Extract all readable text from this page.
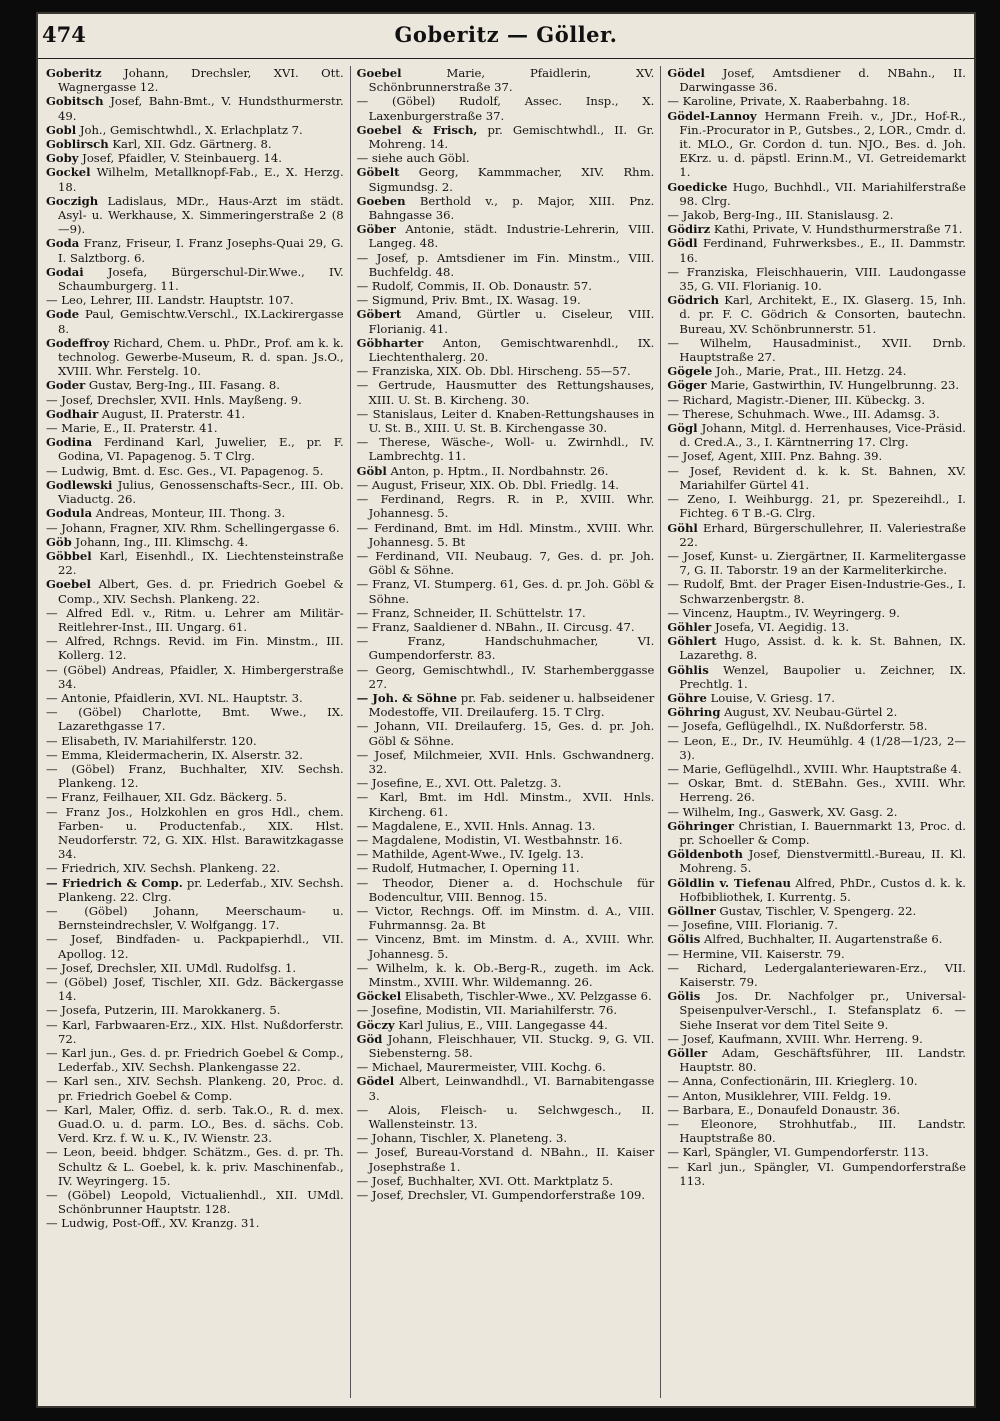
474	Goberitz — Göller.

Goberitz Johann, Drechsler, XVI. Ott. Wagnergasse 12.

Gobitsch Josef, Bahn-Bmt., V. Hundsthurmerstr. 49.

Gobl Joh., Gemischtwhdl., X. Erlachplatz 7.

Goblirsch Karl, XII. Gdz. Gärtnerg. 8.

Goby Josef, Pfaidler, V. Steinbauerg. 14.

Gockel Wilhelm, Metallknopf-Fab., E., X. Herzg. 18.

Goczigh Ladislaus, MDr., Haus-Arzt im städt. Asyl- u. Werkhause, X. Simmeringerstraße 2 (8—9).

Goda Franz, Friseur, I. Franz Josephs-Quai 29, G. I. Salztborg. 6.

Godai Josefa, Bürgerschul-Dir.Wwe., IV. Schaumburgerg. 11.

— Leo, Lehrer, III. Landstr. Hauptstr. 107.

Gode Paul, Gemischtw.Verschl., IX.Lackirergasse 8.

Godeffroy Richard, Chem. u. PhDr., Prof. am k. k. technolog. Gewerbe-Museum, R. d. span. Js.O., XVIII. Whr. Ferstelg. 10.

Goder Gustav, Berg-Ing., III. Fasang. 8.

— Josef, Drechsler, XVII. Hnls. Mayßeng. 9.

Godhair August, II. Praterstr. 41.

— Marie, E., II. Praterstr. 41.

Godina Ferdinand Karl, Juwelier, E., pr. F. Godina, VI. Papagenog. 5. T Clrg.

— Ludwig, Bmt. d. Esc. Ges., VI. Papagenog. 5.

Godlewski Julius, Genossenschafts-Secr., III. Ob. Viaductg. 26.

Godula Andreas, Monteur, III. Thong. 3.

— Johann, Fragner, XIV. Rhm. Schellingergasse 6.

Göb Johann, Ing., III. Klimschg. 4.

Göbbel Karl, Eisenhdl., IX. Liechtensteinstraße 22.

Goebel Albert, Ges. d. pr. Friedrich Goebel & Comp., XIV. Sechsh. Plankeng. 22.

— Alfred Edl. v., Ritm. u. Lehrer am Militär-Reitlehrer-Inst., III. Ungarg. 61.

— Alfred, Rchngs. Revid. im Fin. Minstm., III. Kollerg. 12.

— (Göbel) Andreas, Pfaidler, X. Himbergerstraße 34.

— Antonie, Pfaidlerin, XVI. NL. Hauptstr. 3.

— (Göbel) Charlotte, Bmt. Wwe., IX. Lazarethgasse 17.

— Elisabeth, IV. Mariahilferstr. 120.

— Emma, Kleidermacherin, IX. Alserstr. 32.

— (Göbel) Franz, Buchhalter, XIV. Sechsh. Plankeng. 12.

— Franz, Feilhauer, XII. Gdz. Bäckerg. 5.

— Franz Jos., Holzkohlen en gros Hdl., chem. Farben- u. Productenfab., XIX. Hlst. Neudorferstr. 72, G. XIX. Hlst. Barawitzkagasse 34.

— Friedrich, XIV. Sechsh. Plankeng. 22.

— Friedrich & Comp. pr. Lederfab., XIV. Sechsh. Plankeng. 22. Clrg.

— (Göbel) Johann, Meerschaum- u. Bernsteindrechsler, V. Wolfgangg. 17.

— Josef, Bindfaden- u. Packpapierhdl., VII. Apollog. 12.

— Josef, Drechsler, XII. UMdl. Rudolfsg. 1.

— (Göbel) Josef, Tischler, XII. Gdz. Bäckergasse 14.

— Josefa, Putzerin, III. Marokkanerg. 5.

— Karl, Farbwaaren-Erz., XIX. Hlst. Nußdorferstr. 72.

— Karl jun., Ges. d. pr. Friedrich Goebel & Comp., Lederfab., XIV. Sechsh. Plankengasse 22.

— Karl sen., XIV. Sechsh. Plankeng. 20, Proc. d. pr. Friedrich Goebel & Comp.

— Karl, Maler, Offiz. d. serb. Tak.O., R. d. mex. Guad.O. u. d. parm. LO., Bes. d. sächs. Cob. Verd. Krz. f. W. u. K., IV. Wienstr. 23.

— Leon, beeid. bhdger. Schätzm., Ges. d. pr. Th. Schultz & L. Goebel, k. k. priv. Maschinenfab., IV. Weyringerg. 15.

— (Göbel) Leopold, Victualienhdl., XII. UMdl. Schönbrunner Hauptstr. 128.

— Ludwig, Post-Off., XV. Kranzg. 31.

Goebel Marie, Pfaidlerin, XV. Schönbrunnerstraße 37.

— (Göbel) Rudolf, Assec. Insp., X. Laxenburgerstraße 37.

Goebel & Frisch, pr. Gemischtwhdl., II. Gr. Mohreng. 14.

— siehe auch Göbl.

Göbelt Georg, Kammmacher, XIV. Rhm. Sigmundsg. 2.

Goeben Berthold v., p. Major, XIII. Pnz. Bahngasse 36.

Göber Antonie, städt. Industrie-Lehrerin, VIII. Langeg. 48.

— Josef, p. Amtsdiener im Fin. Minstm., VIII. Buchfeldg. 48.

— Rudolf, Commis, II. Ob. Donaustr. 57.

— Sigmund, Priv. Bmt., IX. Wasag. 19.

Göbert Amand, Gürtler u. Ciseleur, VIII. Florianig. 41.

Göbharter Anton, Gemischtwarenhdl., IX. Liechtenthalerg. 20.

— Franziska, XIX. Ob. Dbl. Hirscheng. 55—57.

— Gertrude, Hausmutter des Rettungshauses, XIII. U. St. B. Kircheng. 30.

— Stanislaus, Leiter d. Knaben-Rettungshauses in U. St. B., XIII. U. St. B. Kirchengasse 30.

— Therese, Wäsche-, Woll- u. Zwirnhdl., IV. Lambrechtg. 11.

Göbl Anton, p. Hptm., II. Nordbahnstr. 26.

— August, Friseur, XIX. Ob. Dbl. Friedlg. 14.

— Ferdinand, Regrs. R. in P., XVIII. Whr. Johannesg. 5.

— Ferdinand, Bmt. im Hdl. Minstm., XVIII. Whr. Johannesg. 5. Bt

— Ferdinand, VII. Neubaug. 7, Ges. d. pr. Joh. Göbl & Söhne.

— Franz, VI. Stumperg. 61, Ges. d. pr. Joh. Göbl & Söhne.

— Franz, Schneider, II. Schüttelstr. 17.

— Franz, Saaldiener d. NBahn., II. Circusg. 47.

— Franz, Handschuhmacher, VI. Gumpendorferstr. 83.

— Georg, Gemischtwhdl., IV. Starhemberggasse 27.

— Joh. & Söhne pr. Fab. seidener u. halbseidener Modestoffe, VII. Dreilauferg. 15. T Clrg.

— Johann, VII. Dreilauferg. 15, Ges. d. pr. Joh. Göbl & Söhne.

— Josef, Milchmeier, XVII. Hnls. Gschwandnerg. 32.

— Josefine, E., XVI. Ott. Paletzg. 3.

— Karl, Bmt. im Hdl. Minstm., XVII. Hnls. Kircheng. 61.

— Magdalene, E., XVII. Hnls. Annag. 13.

— Magdalene, Modistin, VI. Westbahnstr. 16.

— Mathilde, Agent-Wwe., IV. Igelg. 13.

— Rudolf, Hutmacher, I. Operning 11.

— Theodor, Diener a. d. Hochschule für Bodencultur, VIII. Bennog. 15.

— Victor, Rechngs. Off. im Minstm. d. A., VIII. Fuhrmannsg. 2a. Bt

— Vincenz, Bmt. im Minstm. d. A., XVIII. Whr. Johannesg. 5.

— Wilhelm, k. k. Ob.-Berg-R., zugeth. im Ack. Minstm., XVIII. Whr. Wildemanng. 26.

Göckel Elisabeth, Tischler-Wwe., XV. Pelzgasse 6.

— Josefine, Modistin, VII. Mariahilferstr. 76.

Göczy Karl Julius, E., VIII. Langegasse 44.

Göd Johann, Fleischhauer, VII. Stuckg. 9, G. VII. Siebensterng. 58.

— Michael, Maurermeister, VIII. Kochg. 6.

Gödel Albert, Leinwandhdl., VI. Barnabitengasse 3.

— Alois, Fleisch- u. Selchwgesch., II. Wallensteinstr. 13.

— Johann, Tischler, X. Planeteng. 3.

— Josef, Bureau-Vorstand d. NBahn., II. Kaiser Josephstraße 1.

— Josef, Buchhalter, XVI. Ott. Marktplatz 5.

— Josef, Drechsler, VI. Gumpendorferstraße 109.

Gödel Josef, Amtsdiener d. NBahn., II. Darwingasse 36.

— Karoline, Private, X. Raaberbahng. 18.

Gödel-Lannoy Hermann Freih. v., JDr., Hof-R., Fin.-Procurator in P., Gutsbes., 2, LOR., Cmdr. d. it. MLO., Gr. Cordon d. tun. NJO., Bes. d. Joh. EKrz. u. d. päpstl. Erinn.M., VI. Getreidemarkt 1.

Goedicke Hugo, Buchhdl., VII. Mariahilferstraße 98. Clrg.

— Jakob, Berg-Ing., III. Stanislausg. 2.

Gödirz Kathi, Private, V. Hundsthurmerstraße 71.

Gödl Ferdinand, Fuhrwerksbes., E., II. Dammstr. 16.

— Franziska, Fleischhauerin, VIII. Laudongasse 35, G. VII. Florianig. 10.

Gödrich Karl, Architekt, E., IX. Glaserg. 15, Inh. d. pr. F. C. Gödrich & Consorten, bautechn. Bureau, XV. Schönbrunnerstr. 51.

— Wilhelm, Hausadminist., XVII. Drnb. Hauptstraße 27.

Gögele Joh., Marie, Prat., III. Hetzg. 24.

Göger Marie, Gastwirthin, IV. Hungelbrunng. 23.

— Richard, Magistr.-Diener, III. Kübeckg. 3.

— Therese, Schuhmach. Wwe., III. Adamsg. 3.

Gögl Johann, Mitgl. d. Herrenhauses, Vice-Präsid. d. Cred.A., 3., I. Kärntnerring 17. Clrg.

— Josef, Agent, XIII. Pnz. Bahng. 39.

— Josef, Revident d. k. k. St. Bahnen, XV. Mariahilfer Gürtel 41.

— Zeno, I. Weihburgg. 21, pr. Spezereihdl., I. Fichteg. 6 T B.-G. Clrg.

Göhl Erhard, Bürgerschullehrer, II. Valeriestraße 22.

— Josef, Kunst- u. Ziergärtner, II. Karmelitergasse 7, G. II. Taborstr. 19 an der Karmeliterkirche.

— Rudolf, Bmt. der Prager Eisen-Industrie-Ges., I. Schwarzenbergstr. 8.

— Vincenz, Hauptm., IV. Weyringerg. 9.

Göhler Josefa, VI. Aegidig. 13.

Göhlert Hugo, Assist. d. k. k. St. Bahnen, IX. Lazarethg. 8.

Göhlis Wenzel, Baupolier u. Zeichner, IX. Prechtlg. 1.

Göhre Louise, V. Griesg. 17.

Göhring August, XV. Neubau-Gürtel 2.

— Josefa, Geflügelhdl., IX. Nußdorferstr. 58.

— Leon, E., Dr., IV. Heumühlg. 4 (1/28—1/23, 2—3).

— Marie, Geflügelhdl., XVIII. Whr. Hauptstraße 4.

— Oskar, Bmt. d. StEBahn. Ges., XVIII. Whr. Herreng. 26.

— Wilhelm, Ing., Gaswerk, XV. Gasg. 2.

Göhringer Christian, I. Bauernmarkt 13, Proc. d. pr. Schoeller & Comp.

Göldenboth Josef, Dienstvermittl.-Bureau, II. Kl. Mohreng. 5.

Göldlin v. Tiefenau Alfred, PhDr., Custos d. k. k. Hofbibliothek, I. Kurrentg. 5.

Göllner Gustav, Tischler, V. Spengerg. 22.

— Josefine, VIII. Florianig. 7.

Gölis Alfred, Buchhalter, II. Augartenstraße 6.

— Hermine, VII. Kaiserstr. 79.

— Richard, Ledergalanteriewaren-Erz., VII. Kaiserstr. 79.

Gölis Jos. Dr. Nachfolger pr., Universal-Speisenpulver-Verschl., I. Stefansplatz 6. — Siehe Inserat vor dem Titel Seite 9.

— Josef, Kaufmann, XVIII. Whr. Herreng. 9.

Göller Adam, Geschäftsführer, III. Landstr. Hauptstr. 80.

— Anna, Confectionärin, III. Krieglerg. 10.

— Anton, Musiklehrer, VIII. Feldg. 19.

— Barbara, E., Donaufeld Donaustr. 36.

— Eleonore, Strohhutfab., III. Landstr. Hauptstraße 80.

— Karl, Spängler, VI. Gumpendorferstr. 113.

— Karl jun., Spängler, VI. Gumpendorferstraße 113.
